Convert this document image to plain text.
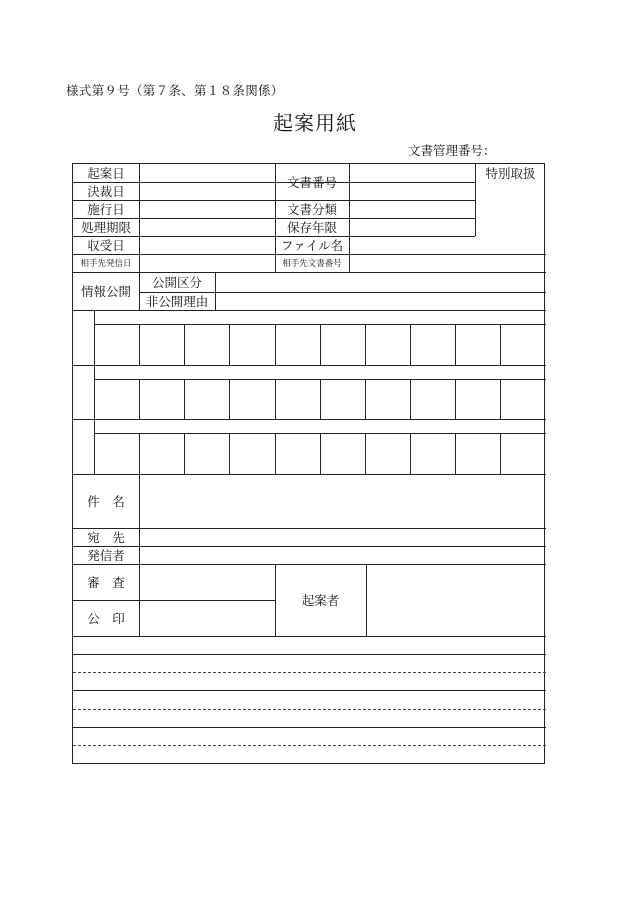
様式第９号（第７条、第１８条関係）
起案用紙
文書管理番号：
起案日
決裁日
施行日
処理期限
収受日
相手先発信日
文書番号
文書分類
保存年限
ファイル名
相手先文書番号
特別取扱
情報公開
公開区分
非公開理由
件　名
宛　先
発信者
審　査
公　印
起案者
